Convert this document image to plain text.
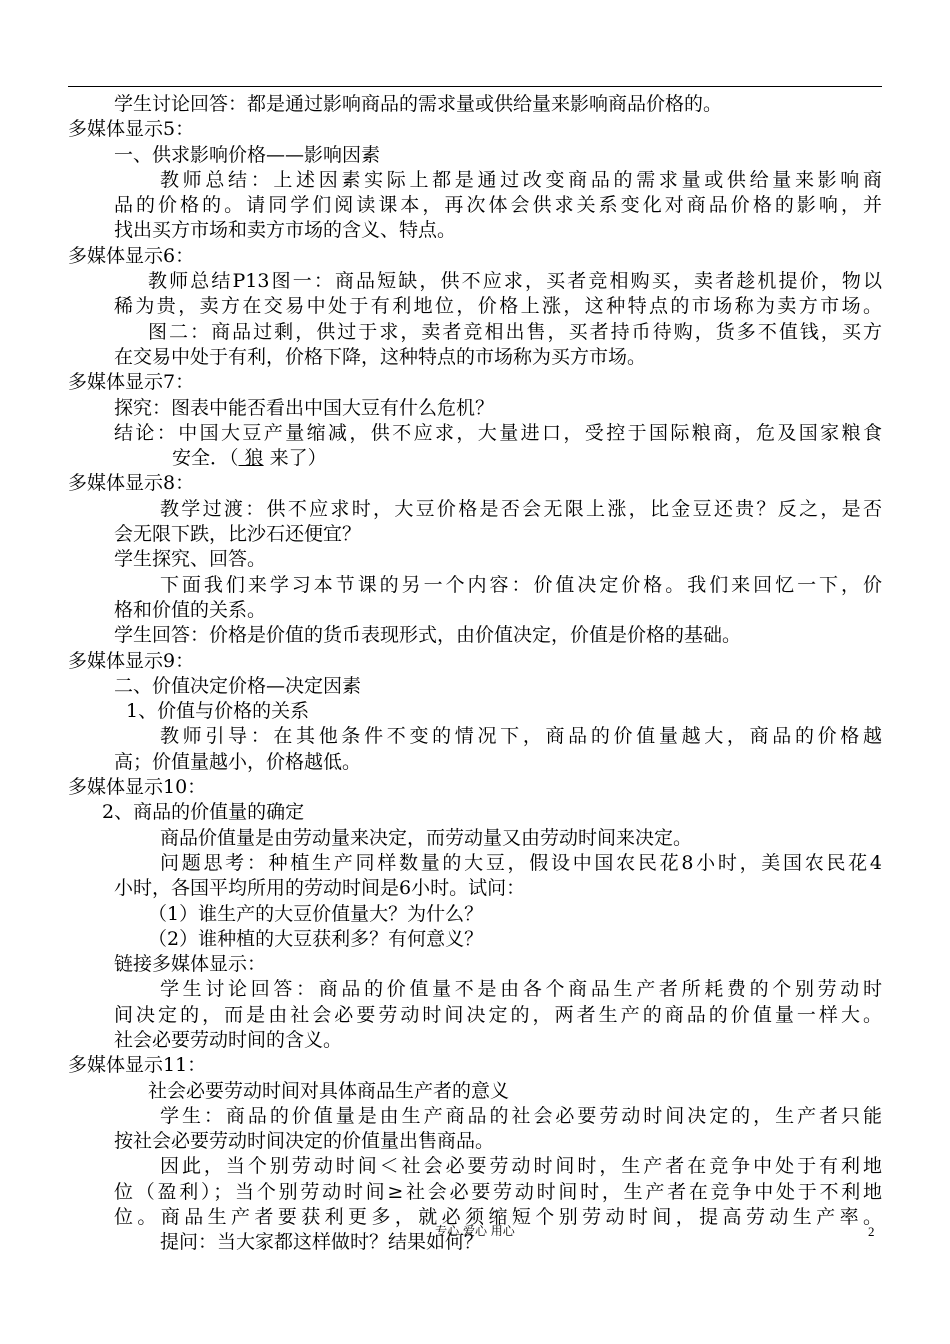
学生讨论回答：都是通过影响商品的需求量或供给量来影响商品价格的。
多媒体显示5：
一、供求影响价格——影响因素
教师总结：上述因素实际上都是通过改变商品的需求量或供给量来影响商
品的价格的。请同学们阅读课本，再次体会供求关系变化对商品价格的影响，并
找出买方市场和卖方市场的含义、特点。
多媒体显示6：
教师总结P13图一：商品短缺，供不应求，买者竞相购买，卖者趁机提价，物以
稀为贵，卖方在交易中处于有利地位，价格上涨，这种特点的市场称为卖方市场。
图二：商品过剩，供过于求，卖者竞相出售，买者持币待购，货多不值钱，买方
在交易中处于有利，价格下降，这种特点的市场称为买方市场。
多媒体显示7：
探究：图表中能否看出中国大豆有什么危机？
结论：中国大豆产量缩减，供不应求，大量进口，受控于国际粮商，危及国家粮食
安全．（ 狼 来了）
多媒体显示8：
教学过渡：供不应求时，大豆价格是否会无限上涨，比金豆还贵？反之，是否
会无限下跌，比沙石还便宜？
学生探究、回答。
下面我们来学习本节课的另一个内容：价值决定价格。我们来回忆一下，价
格和价值的关系。
学生回答：价格是价值的货币表现形式，由价值决定，价值是价格的基础。
多媒体显示9：
二、价值决定价格—决定因素
1、价值与价格的关系
教师引导：在其他条件不变的情况下，商品的价值量越大，商品的价格越
高；价值量越小，价格越低。
多媒体显示10：
2、商品的价值量的确定
商品价值量是由劳动量来决定，而劳动量又由劳动时间来决定。
问题思考：种植生产同样数量的大豆，假设中国农民花8小时，美国农民花4
小时，各国平均所用的劳动时间是6小时。试问：
（1）谁生产的大豆价值量大？为什么？
（2）谁种植的大豆获利多？有何意义？
链接多媒体显示：
学生讨论回答：商品的价值量不是由各个商品生产者所耗费的个别劳动时
间决定的，而是由社会必要劳动时间决定的，两者生产的商品的价值量一样大。
社会必要劳动时间的含义。
多媒体显示11：
社会必要劳动时间对具体商品生产者的意义
学生：商品的价值量是由生产商品的社会必要劳动时间决定的，生产者只能
按社会必要劳动时间决定的价值量出售商品。
因此，当个别劳动时间＜社会必要劳动时间时，生产者在竞争中处于有利地
位（盈利）；当个别劳动时间≥社会必要劳动时间时，生产者在竞争中处于不利地
位。商品生产者要获利更多，就必须缩短个别劳动时间，提高劳动生产率。
提问：当大家都这样做时？结果如何？
专心 爱心 用心	2
